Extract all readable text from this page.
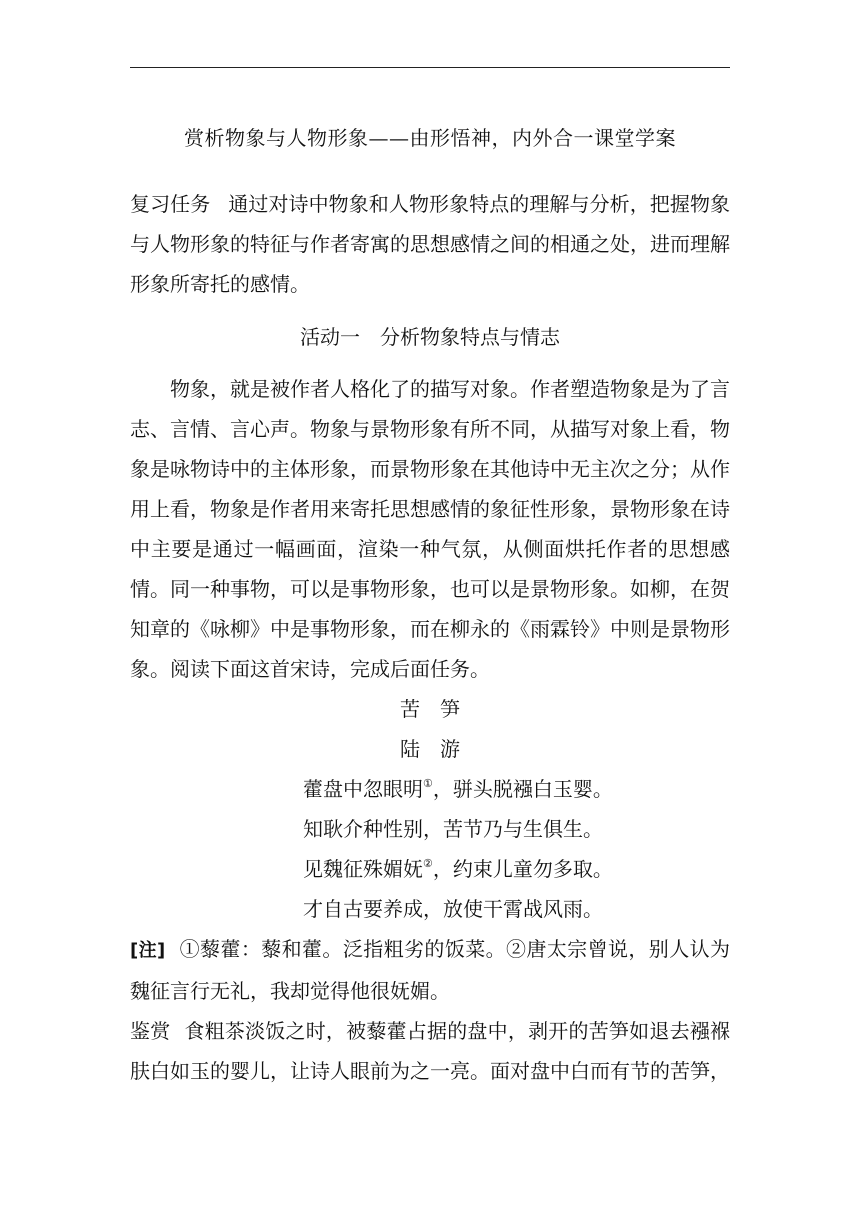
赏析物象与人物形象——由形悟神，内外合一课堂学案
复习任务 通过对诗中物象和人物形象特点的理解与分析，把握物象与人物形象的特征与作者寄寓的思想感情之间的相通之处，进而理解形象所寄托的感情。
活动一 分析物象特点与情志
物象，就是被作者人格化了的描写对象。作者塑造物象是为了言志、言情、言心声。物象与景物形象有所不同，从描写对象上看，物象是咏物诗中的主体形象，而景物形象在其他诗中无主次之分；从作用上看，物象是作者用来寄托思想感情的象征性形象，景物形象在诗中主要是通过一幅画面，渲染一种气氛，从侧面烘托作者的思想感情。同一种事物，可以是事物形象，也可以是景物形象。如柳，在贺知章的《咏柳》中是事物形象，而在柳永的《雨霖铃》中则是景物形象。阅读下面这首宋诗，完成后面任务。
苦笋
陆游
藿盘中忽眼明①，骈头脱襁白玉婴。
知耿介种性别，苦节乃与生俱生。
见魏征殊媚妩②，约束儿童勿多取。
才自古要养成，放使干霄战风雨。
[注] ①藜藿：藜和藿。泛指粗劣的饭菜。②唐太宗曾说，别人认为魏征言行无礼，我却觉得他很妩媚。
鉴赏 食粗茶淡饭之时，被藜藿占据的盘中，剥开的苦笋如退去襁褓肤白如玉的婴儿，让诗人眼前为之一亮。面对盘中白而有节的苦笋，
